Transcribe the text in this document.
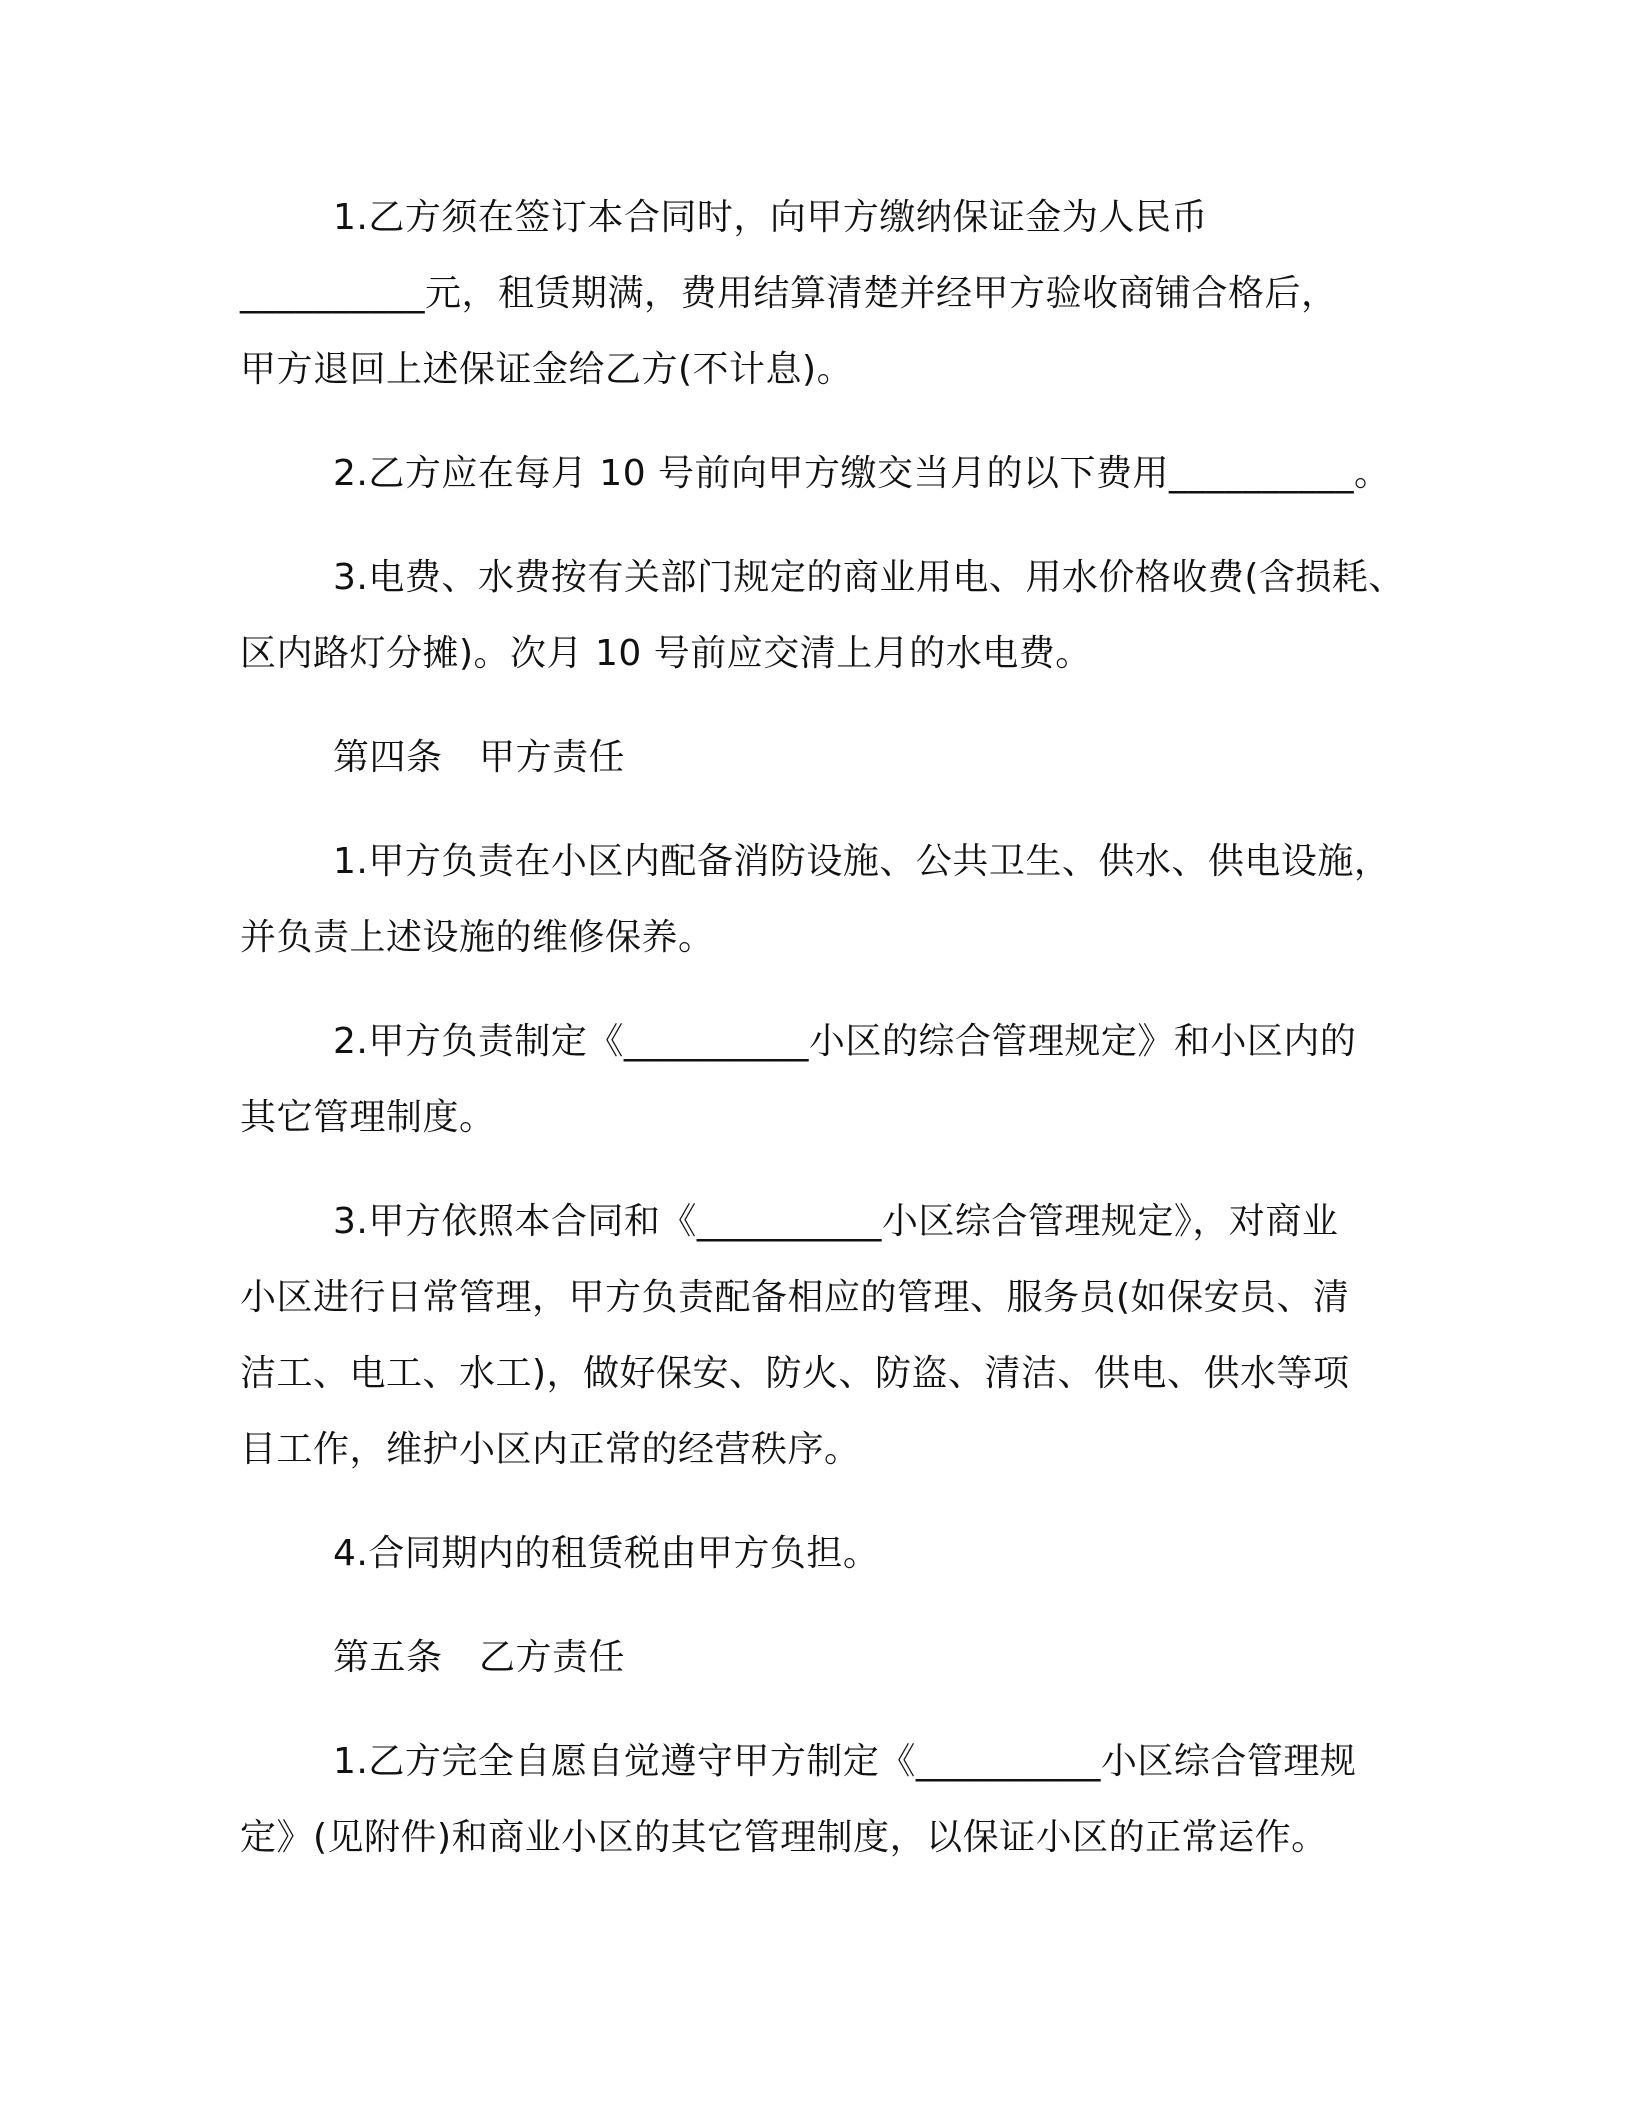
1.乙方须在签订本合同时，向甲方缴纳保证金为人民币
__________元，租赁期满，费用结算清楚并经甲方验收商铺合格后，
甲方退回上述保证金给乙方(不计息)。
2.乙方应在每月 10 号前向甲方缴交当月的以下费用__________。
3.电费、水费按有关部门规定的商业用电、用水价格收费(含损耗、
区内路灯分摊)。次月 10 号前应交清上月的水电费。
第四条　甲方责任
1.甲方负责在小区内配备消防设施、公共卫生、供水、供电设施，
并负责上述设施的维修保养。
2.甲方负责制定《__________小区的综合管理规定》和小区内的
其它管理制度。
3.甲方依照本合同和《__________小区综合管理规定》，对商业
小区进行日常管理，甲方负责配备相应的管理、服务员(如保安员、清
洁工、电工、水工)，做好保安、防火、防盗、清洁、供电、供水等项
目工作，维护小区内正常的经营秩序。
4.合同期内的租赁税由甲方负担。
第五条　乙方责任
1.乙方完全自愿自觉遵守甲方制定《__________小区综合管理规
定》(见附件)和商业小区的其它管理制度，以保证小区的正常运作。
